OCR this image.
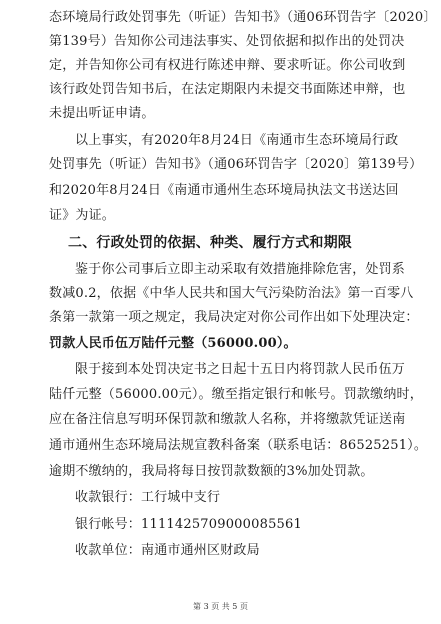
态环境局行政处罚事先（听证）告知书》（通06环罚告字〔2020〕
第139号）告知你公司违法事实、处罚依据和拟作出的处罚决
定，并告知你公司有权进行陈述申辩、要求听证。你公司收到
该行政处罚告知书后，在法定期限内未提交书面陈述申辩，也
未提出听证申请。
以上事实，有2020年8月24日《南通市生态环境局行政
处罚事先（听证）告知书》（通06环罚告字〔2020〕第139号）
和2020年8月24日《南通市通州生态环境局执法文书送达回
证》为证。
二、行政处罚的依据、种类、履行方式和期限
鉴于你公司事后立即主动采取有效措施排除危害，处罚系
数减0.2，依据《中华人民共和国大气污染防治法》第一百零八
条第一款第一项之规定，我局决定对你公司作出如下处理决定：
罚款人民币伍万陆仟元整（56000.00）。
限于接到本处罚决定书之日起十五日内将罚款人民币伍万
陆仟元整（56000.00元）。缴至指定银行和帐号。罚款缴纳时，
应在备注信息写明环保罚款和缴款人名称，并将缴款凭证送南
通市通州生态环境局法规宣教科备案（联系电话：86525251）。
逾期不缴纳的，我局将每日按罚款数额的3%加处罚款。
收款银行：工行城中支行
银行帐号：1111425709000085561
收款单位：南通市通州区财政局
第 3 页 共 5 页
